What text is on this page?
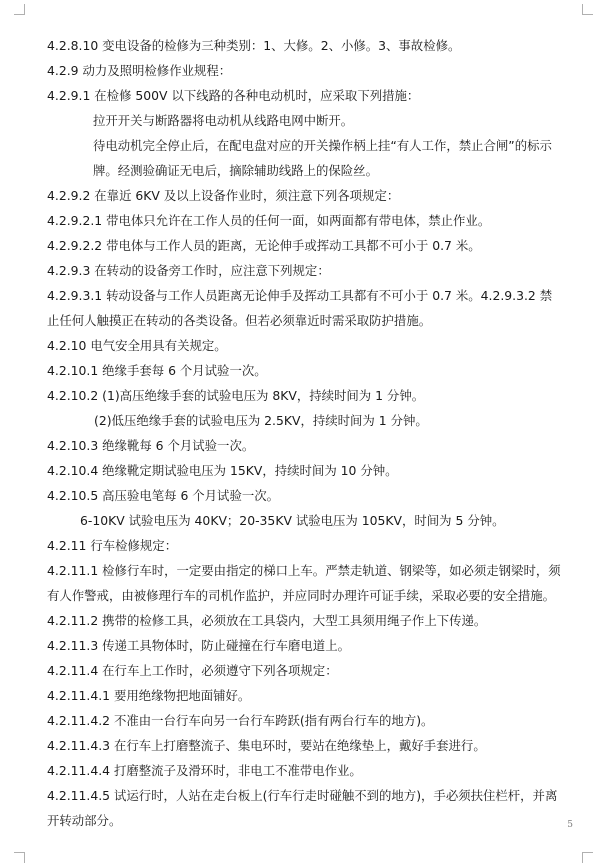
4.2.8.10 变电设备的检修为三种类别：1、大修。2、小修。3、事故检修。
4.2.9 动力及照明检修作业规程：
4.2.9.1 在检修 500V 以下线路的各种电动机时，应采取下列措施：
拉开开关与断路器将电动机从线路电网中断开。
待电动机完全停止后，在配电盘对应的开关操作柄上挂“有人工作，禁止合闸”的标示
牌。经测验确证无电后，摘除辅助线路上的保险丝。
4.2.9.2 在靠近 6KV 及以上设备作业时，须注意下列各项规定：
4.2.9.2.1 带电体只允许在工作人员的任何一面，如两面都有带电体，禁止作业。
4.2.9.2.2 带电体与工作人员的距离，无论伸手或挥动工具都不可小于 0.7 米。
4.2.9.3 在转动的设备旁工作时，应注意下列规定：
4.2.9.3.1 转动设备与工作人员距离无论伸手及挥动工具都有不可小于 0.7 米。4.2.9.3.2 禁
止任何人触摸正在转动的各类设备。但若必须靠近时需采取防护措施。
4.2.10 电气安全用具有关规定。
4.2.10.1 绝缘手套每 6 个月试验一次。
4.2.10.2 (1)高压绝缘手套的试验电压为 8KV，持续时间为 1 分钟。
(2)低压绝缘手套的试验电压为 2.5KV，持续时间为 1 分钟。
4.2.10.3 绝缘靴每 6 个月试验一次。
4.2.10.4 绝缘靴定期试验电压为 15KV，持续时间为 10 分钟。
4.2.10.5 高压验电笔每 6 个月试验一次。
6-10KV 试验电压为 40KV；20-35KV 试验电压为 105KV，时间为 5 分钟。
4.2.11 行车检修规定：
4.2.11.1 检修行车时，一定要由指定的梯口上车。严禁走轨道、钢梁等，如必须走钢梁时，须
有人作警戒，由被修理行车的司机作监护，并应同时办理许可证手续，采取必要的安全措施。
4.2.11.2 携带的检修工具，必须放在工具袋内，大型工具须用绳子作上下传递。
4.2.11.3 传递工具物体时，防止碰撞在行车磨电道上。
4.2.11.4 在行车上工作时，必须遵守下列各项规定：
4.2.11.4.1 要用绝缘物把地面铺好。
4.2.11.4.2 不准由一台行车向另一台行车跨跃(指有两台行车的地方)。
4.2.11.4.3 在行车上打磨整流子、集电环时，要站在绝缘垫上，戴好手套进行。
4.2.11.4.4 打磨整流子及滑环时，非电工不准带电作业。
4.2.11.4.5 试运行时，人站在走台板上(行车行走时碰触不到的地方)，手必须扶住栏杆，并离
开转动部分。	5
